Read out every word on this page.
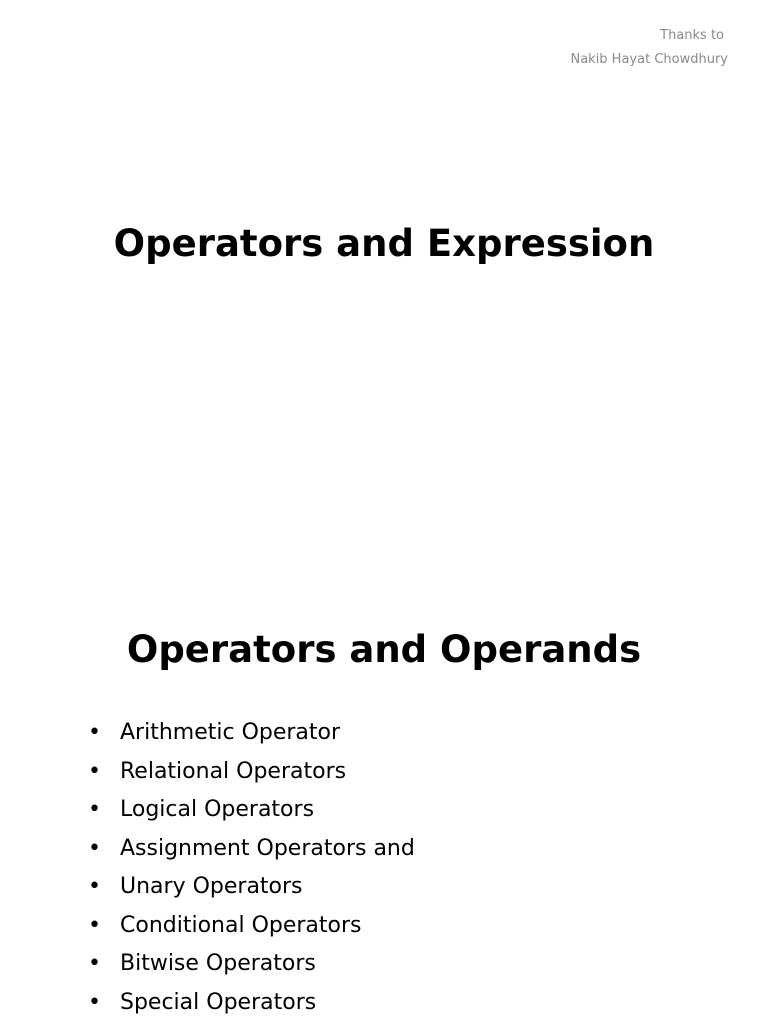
Thanks to
Nakib Hayat Chowdhury
Operators and Expression
Operators and Operands
• Arithmetic Operator
• Relational Operators
• Logical Operators
• Assignment Operators and
• Unary Operators
• Conditional Operators
• Bitwise Operators
• Special Operators
